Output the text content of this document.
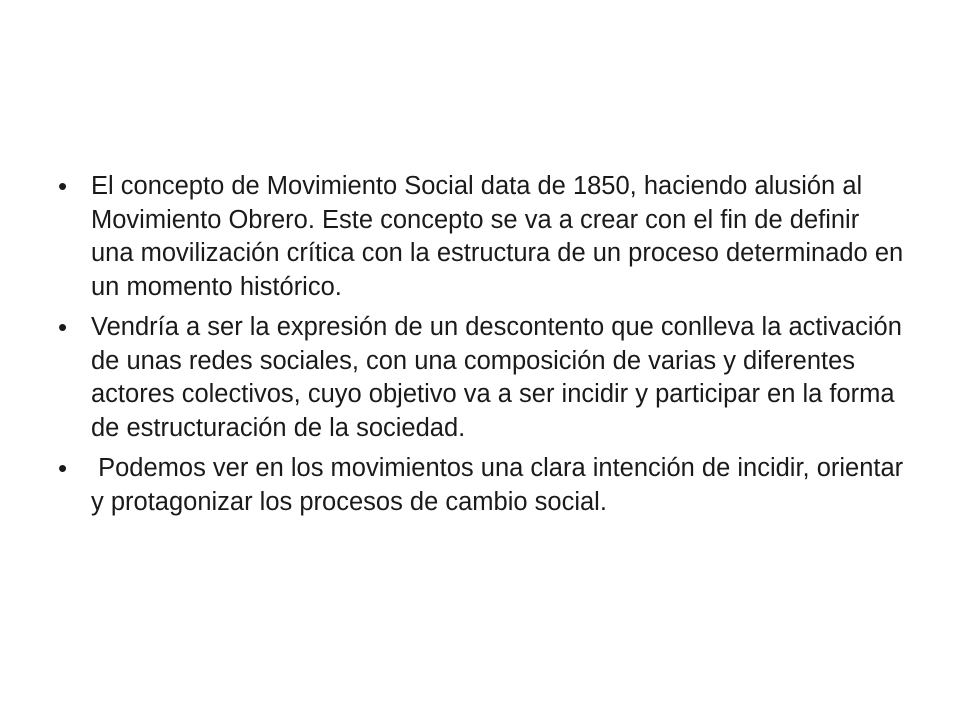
• El concepto de Movimiento Social data de 1850, haciendo alusión al Movimiento Obrero. Este concepto se va a crear con el fin de definir una movilización crítica con la estructura de un proceso determinado en un momento histórico.
• Vendría a ser la expresión de un descontento que conlleva la activación de unas redes sociales, con una composición de varias y diferentes actores colectivos, cuyo objetivo va a ser incidir y participar en la forma de estructuración de la sociedad.
• Podemos ver en los movimientos una clara intención de incidir, orientar y protagonizar los procesos de cambio social.
